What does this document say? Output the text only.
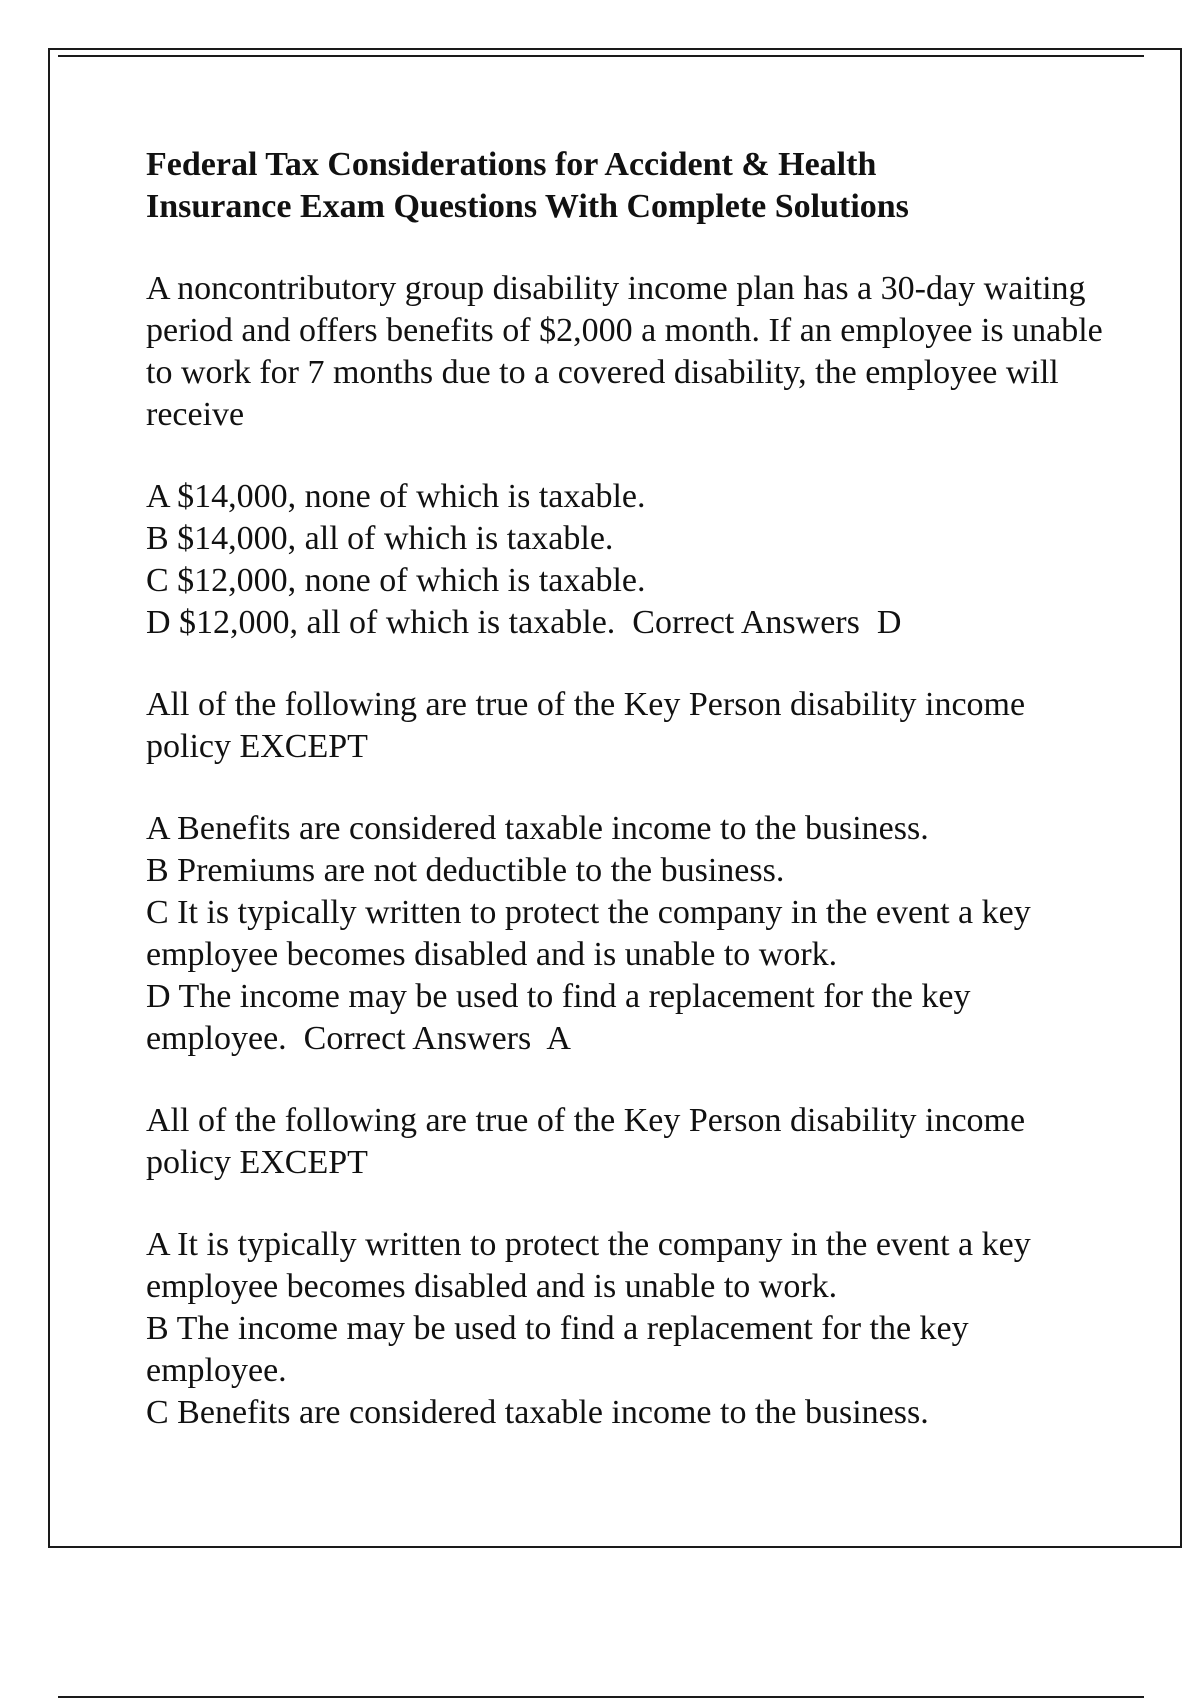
Federal Tax Considerations for Accident & Health
Insurance Exam Questions With Complete Solutions
A noncontributory group disability income plan has a 30-day waiting period and offers benefits of $2,000 a month. If an employee is unable to work for 7 months due to a covered disability, the employee will receive
A $14,000, none of which is taxable.
B $14,000, all of which is taxable.
C $12,000, none of which is taxable.
D $12,000, all of which is taxable.  Correct Answers  D
All of the following are true of the Key Person disability income policy EXCEPT
A Benefits are considered taxable income to the business.
B Premiums are not deductible to the business.
C It is typically written to protect the company in the event a key employee becomes disabled and is unable to work.
D The income may be used to find a replacement for the key employee.  Correct Answers  A
All of the following are true of the Key Person disability income policy EXCEPT
A It is typically written to protect the company in the event a key employee becomes disabled and is unable to work.
B The income may be used to find a replacement for the key employee.
C Benefits are considered taxable income to the business.
